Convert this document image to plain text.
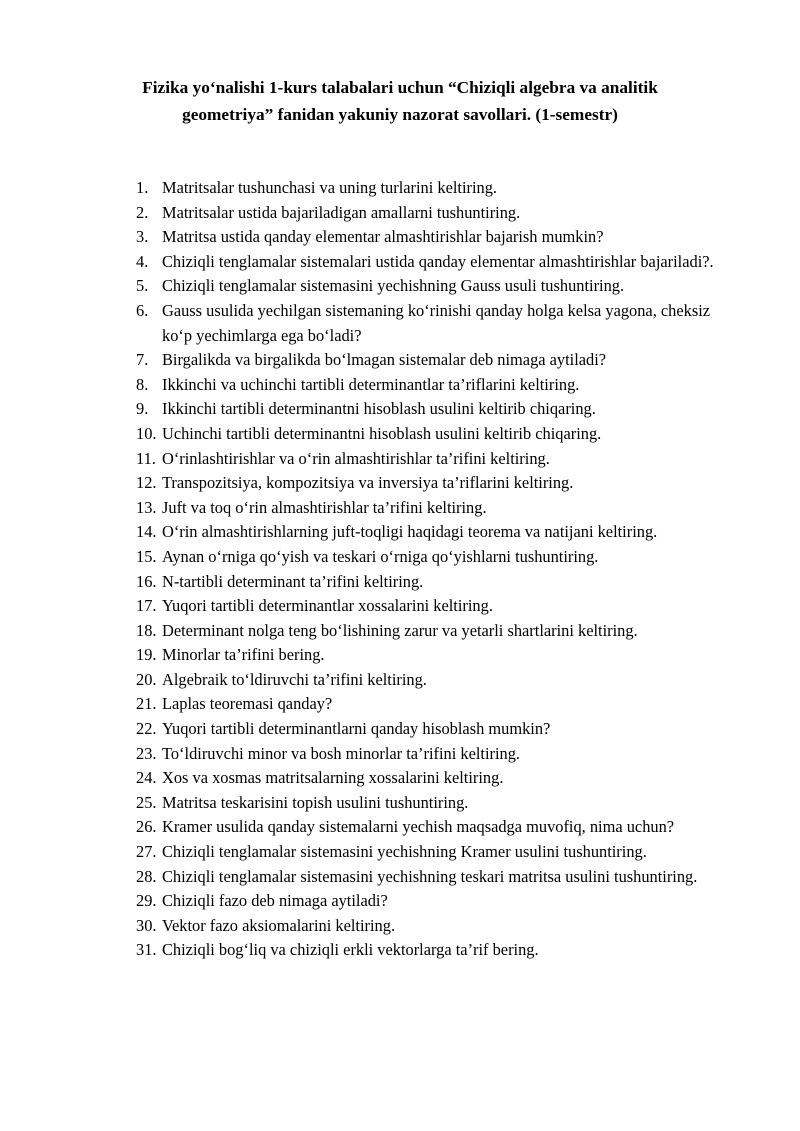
Fizika yo‘nalishi 1-kurs talabalari uchun “Chiziqli algebra va analitik
geometriya” fanidan yakuniy nazorat savollari. (1-semestr)
1. Matritsalar tushunchasi va uning turlarini keltiring.
2. Matritsalar ustida bajariladigan amallarni tushuntiring.
3. Matritsa ustida qanday elementar almashtirishlar bajarish mumkin?
4. Chiziqli tenglamalar sistemalari ustida qanday elementar almashtirishlar bajariladi?.
5. Chiziqli tenglamalar sistemasini yechishning Gauss usuli tushuntiring.
6. Gauss usulida yechilgan sistemaning ko‘rinishi qanday holga kelsa yagona, cheksiz ko‘p yechimlarga ega bo‘ladi?
7. Birgalikda va birgalikda bo‘lmagan sistemalar deb nimaga aytiladi?
8. Ikkinchi va uchinchi tartibli determinantlar ta’riflarini keltiring.
9. Ikkinchi tartibli determinantni hisoblash usulini keltirib chiqaring.
10. Uchinchi tartibli determinantni hisoblash usulini keltirib chiqaring.
11. O‘rinlashtirishlar va o‘rin almashtirishlar ta’rifini keltiring.
12. Transpozitsiya, kompozitsiya va inversiya ta’riflarini keltiring.
13. Juft va toq o‘rin almashtirishlar ta’rifini keltiring.
14. O‘rin almashtirishlarning juft-toqligi haqidagi teorema va natijani keltiring.
15. Aynan o‘rniga qo‘yish va teskari o‘rniga qo‘yishlarni tushuntiring.
16. N-tartibli determinant ta’rifini keltiring.
17. Yuqori tartibli determinantlar xossalarini keltiring.
18. Determinant nolga teng bo‘lishining zarur va yetarli shartlarini keltiring.
19. Minorlar ta’rifini bering.
20. Algebraik to‘ldiruvchi ta’rifini keltiring.
21. Laplas teoremasi qanday?
22. Yuqori tartibli determinantlarni qanday hisoblash mumkin?
23. To‘ldiruvchi minor va bosh minorlar ta’rifini keltiring.
24. Xos va xosmas matritsalarning xossalarini keltiring.
25. Matritsa teskarisini topish usulini tushuntiring.
26. Kramer usulida qanday sistemalarni yechish maqsadga muvofiq, nima uchun?
27. Chiziqli tenglamalar sistemasini yechishning Kramer usulini tushuntiring.
28. Chiziqli tenglamalar sistemasini yechishning teskari matritsa usulini tushuntiring.
29. Chiziqli fazo deb nimaga aytiladi?
30. Vektor fazo aksiomalarini keltiring.
31. Chiziqli bog‘liq va chiziqli erkli vektorlarga ta’rif bering.
